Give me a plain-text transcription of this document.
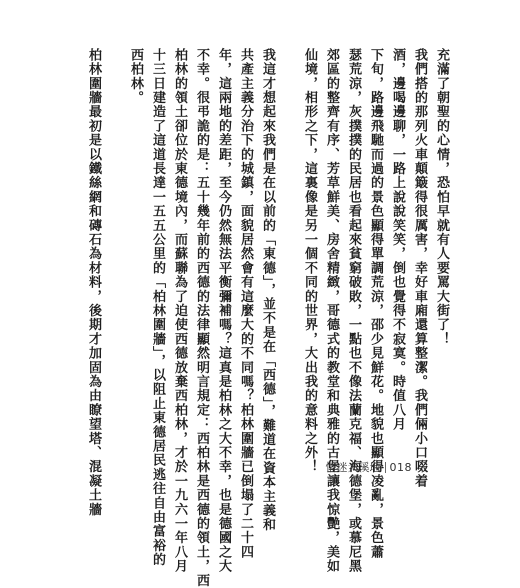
充滿了朝聖的心情，恐怕早就有人要罵大街了！
我們搭的那列火車顛簸得很厲害，幸好車廂還算整潔。我們倆小口啜着
酒，邊喝邊聊，一路上說說笑笑，倒也覺得不寂寞。時值八月
下旬，路邊飛馳而過的景色顯得單調荒涼，邵少見鮮花。地貌也顯得凌亂，景色蕭
瑟荒涼，灰撲撲的民居也看起來貧窮破敗，一點也不像法蘭克福、海德堡，或慕尼黑
郊區的整齊有序、芳草鮮美、房舍精緻，哥德式的教堂和典雅的古堡讓我惊艷，美如
仙境，相形之下，這裏像是另一個不同的世界，大出我的意料之外！
我這才想起來我們是在以前的「東德」，並不是在「西德」，難道在資本主義和
共產主義分治下的城鎮，面貌居然會有這麼大的不同嗎？柏林圍牆已倒塌了二十四
年，這兩地的差距，至今仍然無法平衡彌補嗎？這真是柏林之大不幸，也是德國之大
不幸。很弔詭的是：五十幾年前的西德的法律顯然明言規定：西柏林是西德的領土，西
柏林的領土卻位於東德境內，而蘇聯為了迫使西德放棄西柏林，才於一九六一年八月
十三日建造了這道長達一五五公里的「柏林圍牆」，以阻止東德居民逃往自由富裕的
西柏林。
柏林圍牆最初是以鐵絲網和磚石為材料，後期才加固為由瞭望塔、混凝土牆	情迷大溪地 018
